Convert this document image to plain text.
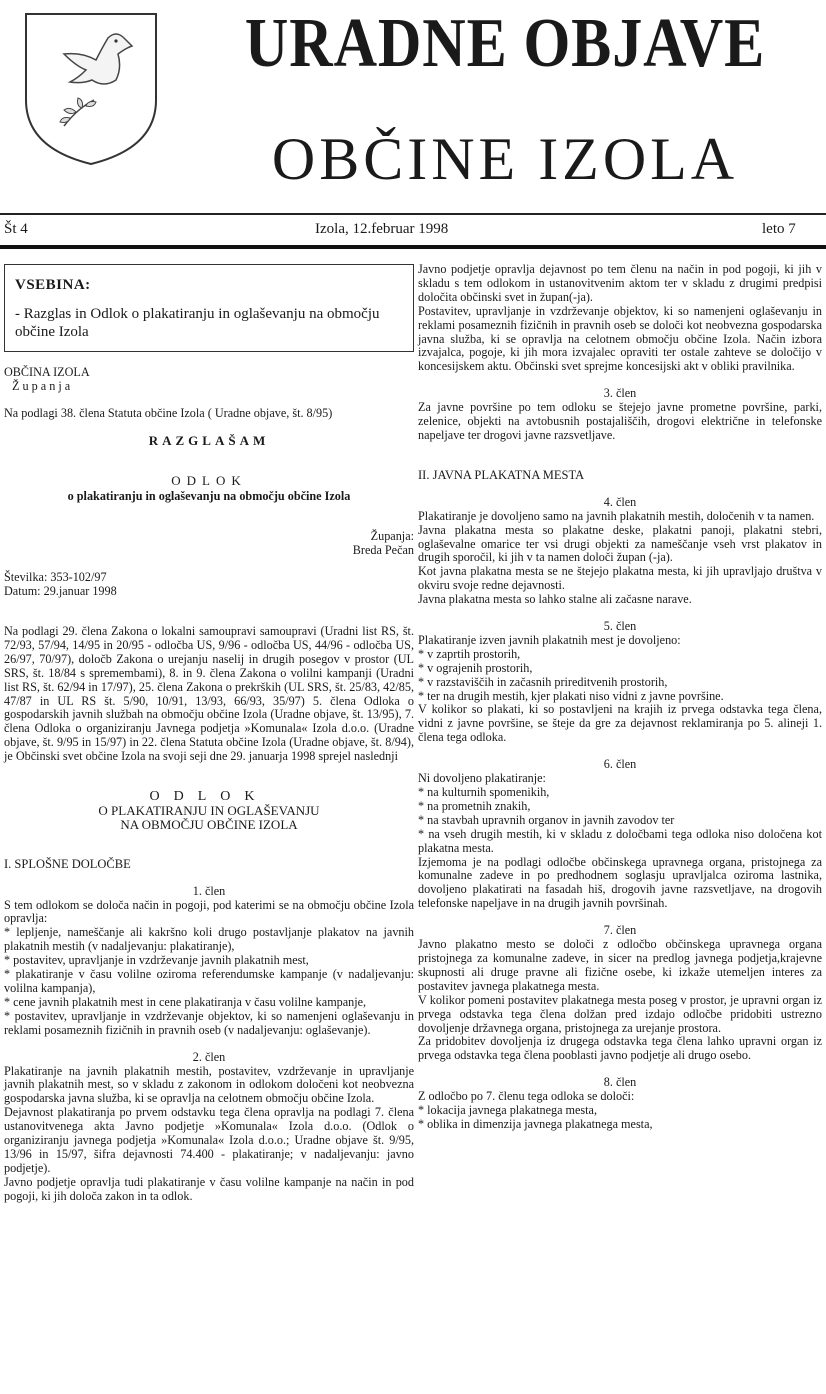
URADNE OBJAVE
OBČINE IZOLA
Št 4	Izola, 12.februar 1998	leto 7
VSEBINA:
- Razglas in Odlok o plakatiranju in oglaševanju na območju občine Izola

OBČINA IZOLA

Ž u p a n j a

Na podlagi 38. člena Statuta občine Izola ( Uradne objave, št. 8/95)

RAZGLAŠAM

ODLOK

o plakatiranju in oglaševanju na območju občine Izola

Županja:

Breda Pečan

Številka: 353-102/97

Datum: 29.januar 1998

Na podlagi 29. člena Zakona o lokalni samoupravi samoupravi (Uradni list RS, št. 72/93, 57/94, 14/95 in 20/95 - odločba US, 9/96 - odločba US, 44/96 - odločba US, 26/97, 70/97), določb Zakona o urejanju naselij in drugih posegov v prostor (UL SRS, št. 18/84 s spremembami), 8. in 9. člena Zakona o volilni kampanji (Uradni list RS, št. 62/94 in 17/97), 25. člena Zakona o prekrških (UL SRS, št. 25/83, 42/85, 47/87 in UL RS št. 5/90, 10/91, 13/93, 66/93, 35/97) 5. člena Odloka o gospodarskih javnih službah na območju občine Izola (Uradne objave, št. 13/95), 7. člena Odloka o organiziranju Javnega podjetja »Komunala« Izola d.o.o. (Uradne objave, št. 9/95 in 15/97) in 22. člena Statuta občine Izola (Uradne objave, št. 8/94), je Občinski svet občine Izola na svoji seji dne 29. januarja 1998 sprejel naslednji

ODLOK

O PLAKATIRANJU IN OGLAŠEVANJU

NA OBMOČJU OBČINE IZOLA

I. SPLOŠNE DOLOČBE

1. člen

S tem odlokom se določa način in pogoji, pod katerimi se na območju občine Izola opravlja:

* lepljenje, nameščanje ali kakršno koli drugo postavljanje plakatov na javnih plakatnih mestih (v nadaljevanju: plakatiranje),

* postavitev, upravljanje in vzdrževanje javnih plakatnih mest,

* plakatiranje v času volilne oziroma referendumske kampanje (v nadaljevanju: volilna kampanja),

* cene javnih plakatnih mest in cene plakatiranja v času volilne kampanje,

* postavitev, upravljanje in vzdrževanje objektov, ki so namenjeni oglaševanju in reklami posameznih fizičnih in pravnih oseb (v nadaljevanju: oglaševanje).

2. člen

Plakatiranje na javnih plakatnih mestih, postavitev, vzdrževanje in upravljanje javnih plakatnih mest, so v skladu z zakonom in odlokom določeni kot neobvezna gospodarska javna služba, ki se opravlja na celotnem območju občine Izola.

Dejavnost plakatiranja po prvem odstavku tega člena opravlja na podlagi 7. člena ustanovitvenega akta Javno podjetje »Komunala« Izola d.o.o. (Odlok o organiziranju javnega podjetja »Komunala« Izola d.o.o.; Uradne objave št. 9/95, 13/96 in 15/97, šifra dejavnosti 74.400 - plakatiranje; v nadaljevanju: javno podjetje).

Javno podjetje opravlja tudi plakatiranje v času volilne kampanje na način in pod pogoji, ki jih določa zakon in ta odlok.

Javno podjetje opravlja dejavnost po tem členu na način in pod pogoji, ki jih v skladu s tem odlokom in ustanovitvenim aktom ter v skladu z drugimi predpisi določita občinski svet in župan(-ja).

Postavitev, upravljanje in vzdrževanje objektov, ki so namenjeni oglaševanju in reklami posameznih fizičnih in pravnih oseb se določi kot neobvezna gospodarska javna služba, ki se opravlja na celotnem območju občine Izola. Način izbora izvajalca, pogoje, ki jih mora izvajalec opraviti ter ostale zahteve se določijo v koncesijskem aktu. Občinski svet sprejme koncesijski akt v obliki pravilnika.

3. člen

Za javne površine po tem odloku se štejejo javne prometne površine, parki, zelenice, objekti na avtobusnih postajališčih, drogovi električne in telefonske napeljave ter drogovi javne razsvetljave.

II. JAVNA PLAKATNA MESTA

4. člen

Plakatiranje je dovoljeno samo na javnih plakatnih mestih, določenih v ta namen.

Javna plakatna mesta so plakatne deske, plakatni panoji, plakatni stebri, oglaševalne omarice ter vsi drugi objekti za nameščanje vseh vrst plakatov in drugih sporočil, ki jih v ta namen določi župan (-ja).

Kot javna plakatna mesta se ne štejejo plakatna mesta, ki jih upravljajo društva v okviru svoje redne dejavnosti.

Javna plakatna mesta so lahko stalne ali začasne narave.

5. člen

Plakatiranje izven javnih plakatnih mest je dovoljeno:

* v zaprtih prostorih,

* v ograjenih prostorih,

* v razstaviščih in začasnih prireditvenih prostorih,

* ter na drugih mestih, kjer plakati niso vidni z javne površine.

V kolikor so plakati, ki so postavljeni na krajih iz prvega odstavka tega člena, vidni z javne površine, se šteje da gre za dejavnost reklamiranja po 5. alineji 1. člena tega odloka.

6. člen

Ni dovoljeno plakatiranje:

* na kulturnih spomenikih,

* na prometnih znakih,

* na stavbah upravnih organov in javnih zavodov ter

* na vseh drugih mestih, ki v skladu z določbami tega odloka niso določena kot plakatna mesta.

Izjemoma je na podlagi odločbe občinskega upravnega organa, pristojnega za komunalne zadeve in po predhodnem soglasju upravljalca oziroma lastnika, dovoljeno plakatirati na fasadah hiš, drogovih javne razsvetljave, na drogovih telefonske napeljave in na drugih javnih površinah.

7. člen

Javno plakatno mesto se določi z odločbo občinskega upravnega organa pristojnega za komunalne zadeve, in sicer na predlog javnega podjetja,krajevne skupnosti ali druge pravne ali fizične osebe, ki izkaže utemeljen interes za postavitev javnega plakatnega mesta.

V kolikor pomeni postavitev plakatnega mesta poseg v prostor, je upravni organ iz prvega odstavka tega člena dolžan pred izdajo odločbe pridobiti ustrezno dovoljenje državnega organa, pristojnega za urejanje prostora.

Za pridobitev dovoljenja iz drugega odstavka tega člena lahko upravni organ iz prvega odstavka tega člena pooblasti javno podjetje ali drugo osebo.

8. člen

Z odločbo po 7. členu tega odloka se določi:

* lokacija javnega plakatnega mesta,

* oblika in dimenzija javnega plakatnega mesta,
